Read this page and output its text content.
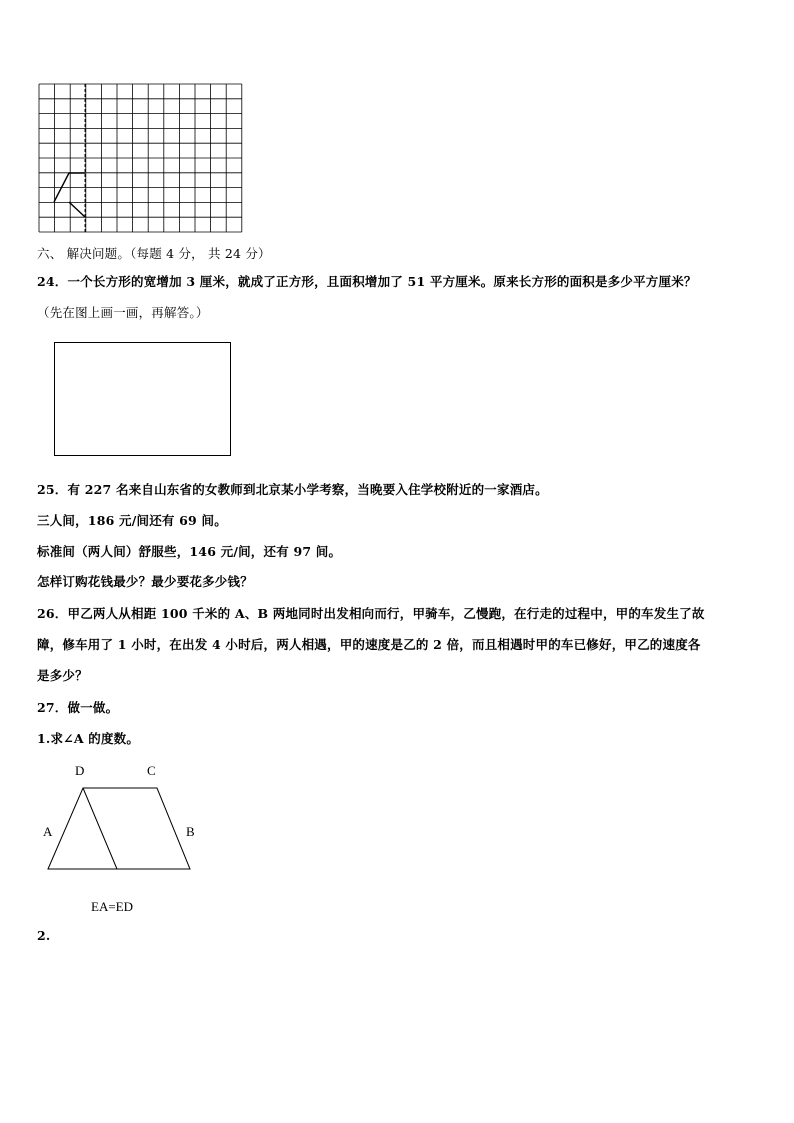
六、 解决问题。（每题 4 分， 共 24 分）
24．一个长方形的宽增加 3 厘米，就成了正方形，且面积增加了 51 平方厘米。原来长方形的面积是多少平方厘米？
（先在图上画一画，再解答。）
25．有 227 名来自山东省的女教师到北京某小学考察，当晚要入住学校附近的一家酒店。
三人间，186 元/间还有 69 间。
标准间（两人间）舒服些，146 元/间，还有 97 间。
怎样订购花钱最少？最少要花多少钱？
26．甲乙两人从相距 100 千米的 A、B 两地同时出发相向而行，甲骑车，乙慢跑，在行走的过程中，甲的车发生了故
障，修车用了 1 小时，在出发 4 小时后，两人相遇，甲的速度是乙的 2 倍，而且相遇时甲的车已修好，甲乙的速度各
是多少？
27．做一做。
1.求∠A 的度数。
D	C
A	B
EA=ED
2.
